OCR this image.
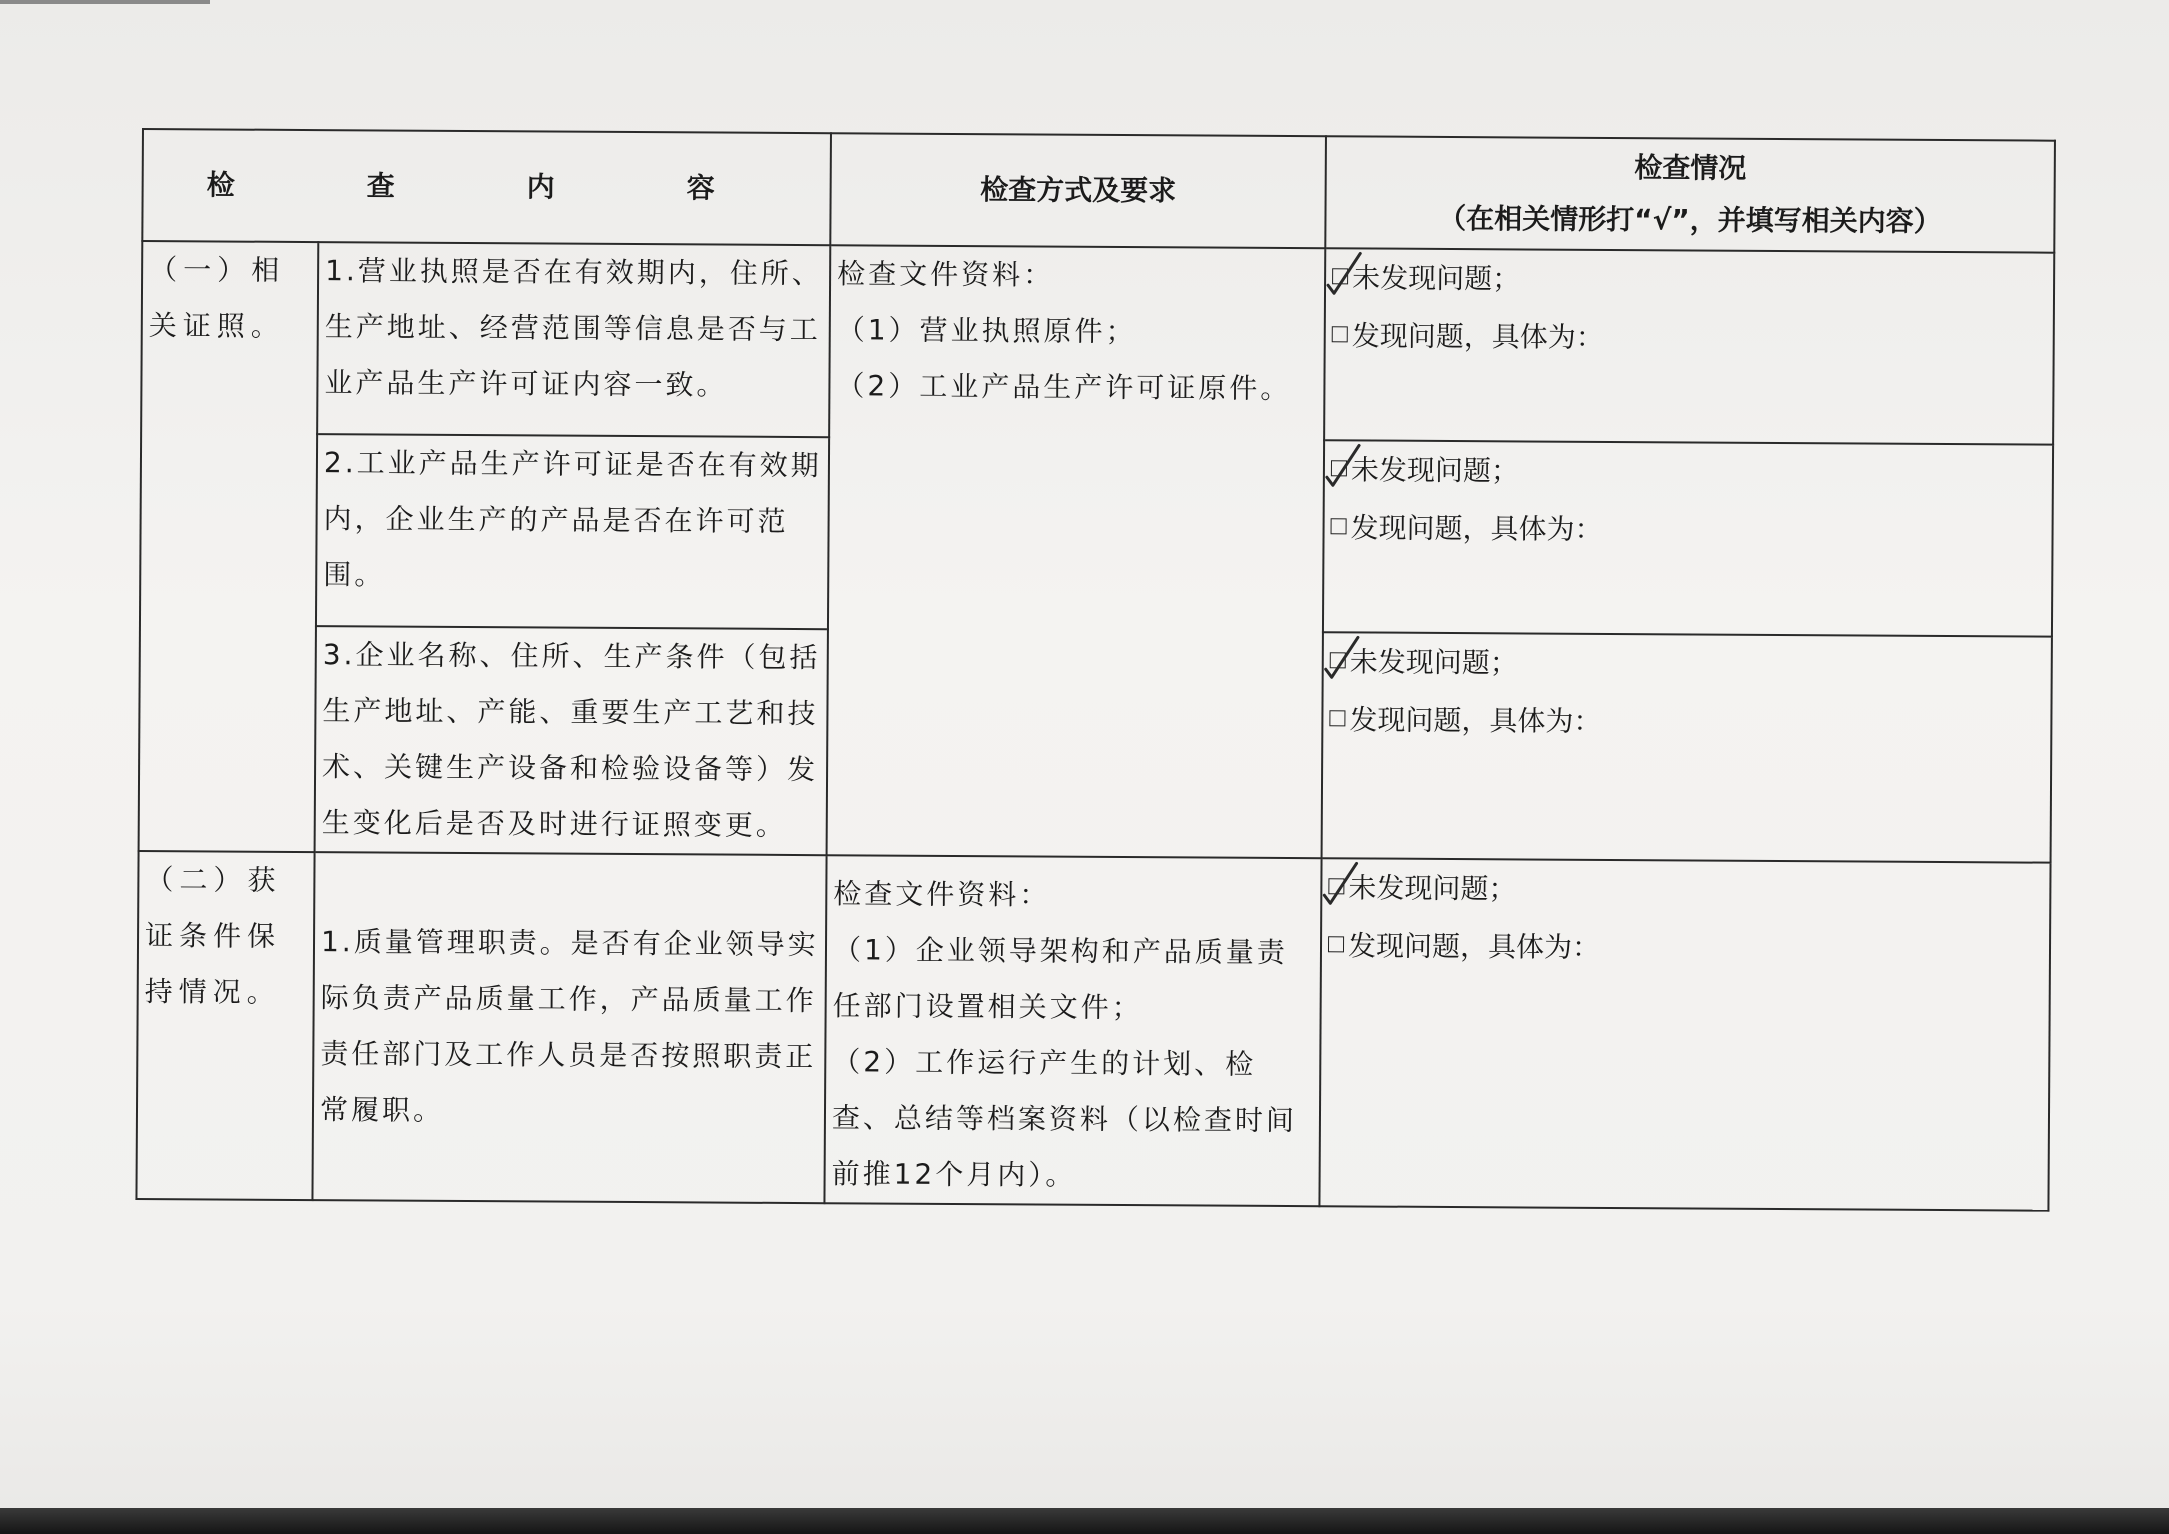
检　查　内　容		检查方式及要求	检查情况
（在相关情形打“√”，并填写相关内容）

（一）相关证照。	1.营业执照是否在有效期内，住所、生产地址、经营范围等信息是否与工业产品生产许可证内容一致。	检查文件资料：
（1）营业执照原件；
（2）工业产品生产许可证原件。	未发现问题；
发现问题，具体为：

	2.工业产品生产许可证是否在有效期内，企业生产的产品是否在许可范围。		未发现问题；
发现问题，具体为：

	3.企业名称、住所、生产条件（包括生产地址、产能、重要生产工艺和技术、关键生产设备和检验设备等）发生变化后是否及时进行证照变更。		未发现问题；
发现问题，具体为：

（二）获证条件保持情况。	1.质量管理职责。是否有企业领导实际负责产品质量工作，产品质量工作责任部门及工作人员是否按照职责正常履职。	检查文件资料：
（1）企业领导架构和产品质量责任部门设置相关文件；
（2）工作运行产生的计划、检查、总结等档案资料（以检查时间前推12个月内）。	未发现问题；
发现问题，具体为：
